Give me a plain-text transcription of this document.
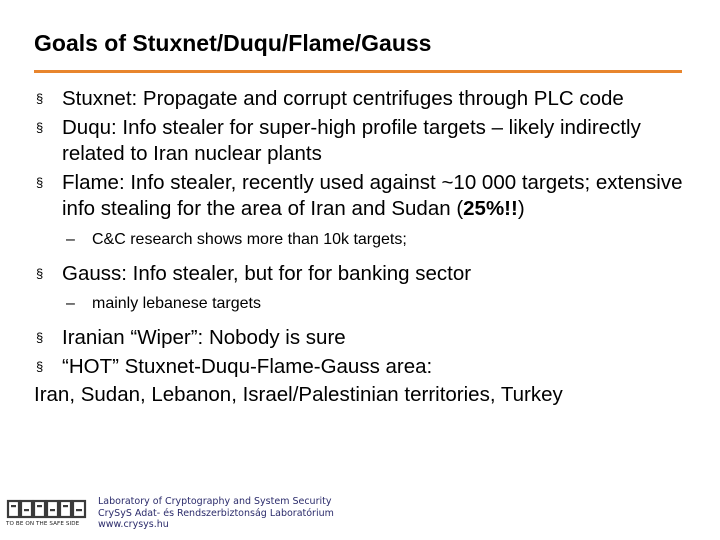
Goals of Stuxnet/Duqu/Flame/Gauss
§ Stuxnet: Propagate and corrupt centrifuges through PLC code
§ Duqu: Info stealer for super-high profile targets – likely indirectly related to Iran nuclear plants
§ Flame: Info stealer, recently used against ~10 000 targets; extensive info stealing for the area of Iran and Sudan (25%!!)
– C&C research shows more than 10k targets;
§ Gauss: Info stealer, but for for banking sector
– mainly lebanese targets
§ Iranian “Wiper”: Nobody is sure
§ “HOT” Stuxnet-Duqu-Flame-Gauss area:
Iran, Sudan, Lebanon, Israel/Palestinian territories, Turkey
TO BE ON THE SAFE SIDE
Laboratory of Cryptography and System Security
CrySyS Adat- és Rendszerbiztonság Laboratórium
www.crysys.hu
